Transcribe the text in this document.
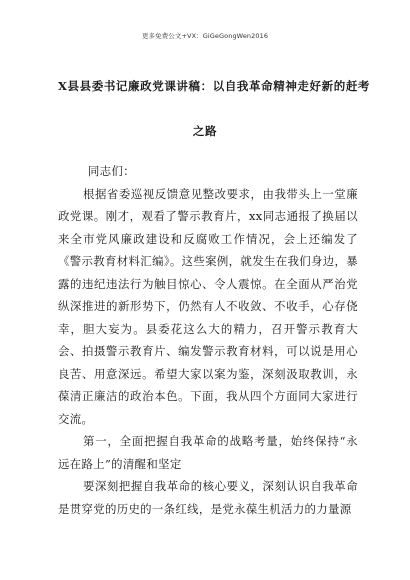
更多免费公文+VX：GiGeGongWen2016
X县县委书记廉政党课讲稿：以自我革命精神走好新的赶考
之路

同志们：

根据省委巡视反馈意见整改要求，由我带头上一堂廉政党课。刚才，观看了警示教育片，xx同志通报了换届以来全市党风廉政建设和反腐败工作情况，会上还编发了《警示教育材料汇编》。这些案例，就发生在我们身边，暴露的违纪违法行为触目惊心、令人震惊。在全面从严治党纵深推进的新形势下，仍然有人不收敛、不收手，心存侥幸，胆大妄为。县委花这么大的精力，召开警示教育大会、拍摄警示教育片、编发警示教育材料，可以说是用心良苦、用意深远。希望大家以案为鉴，深刻汲取教训，永葆清正廉洁的政治本色。下面，我从四个方面同大家进行交流。

第一，全面把握自我革命的战略考量，始终保持“永远在路上”的清醒和坚定

要深刻把握自我革命的核心要义，深刻认识自我革命是贯穿党的历史的一条红线，是党永葆生机活力的力量源
